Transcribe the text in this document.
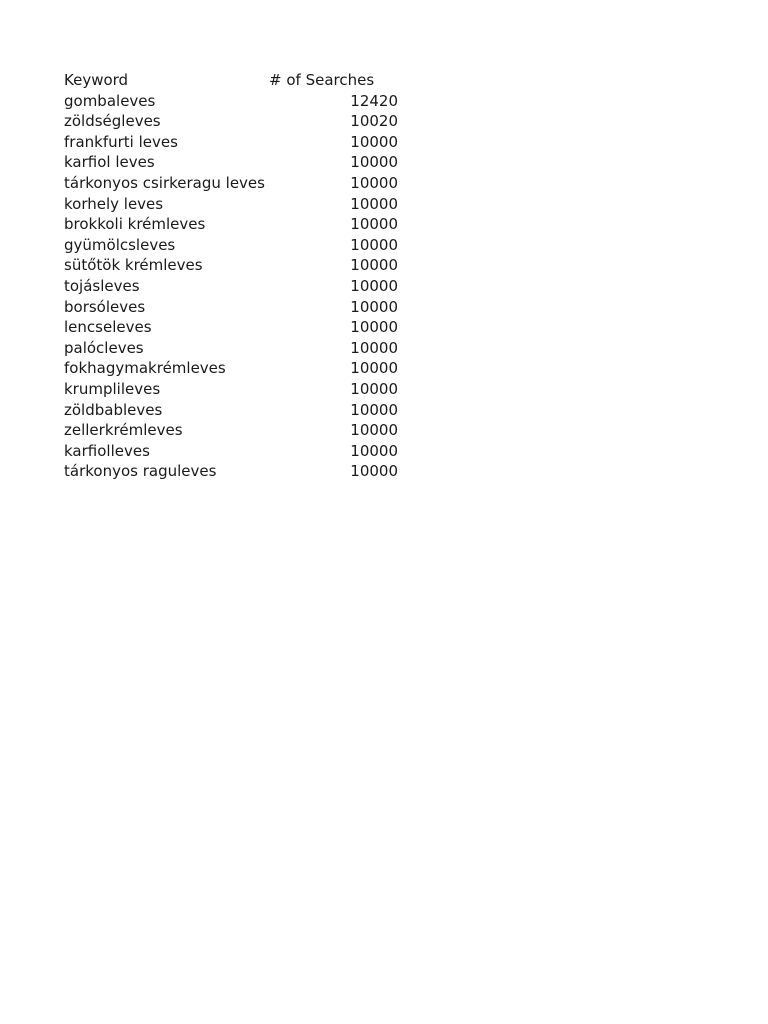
Keyword	# of Searches
gombaleves	12420
zöldségleves	10020
frankfurti leves	10000
karfiol leves	10000
tárkonyos csirkeragu leves	10000
korhely leves	10000
brokkoli krémleves	10000
gyümölcsleves	10000
sütőtök krémleves	10000
tojásleves	10000
borsóleves	10000
lencseleves	10000
palócleves	10000
fokhagymakrémleves	10000
krumplileves	10000
zöldbableves	10000
zellerkrémleves	10000
karfiolleves	10000
tárkonyos raguleves	10000
